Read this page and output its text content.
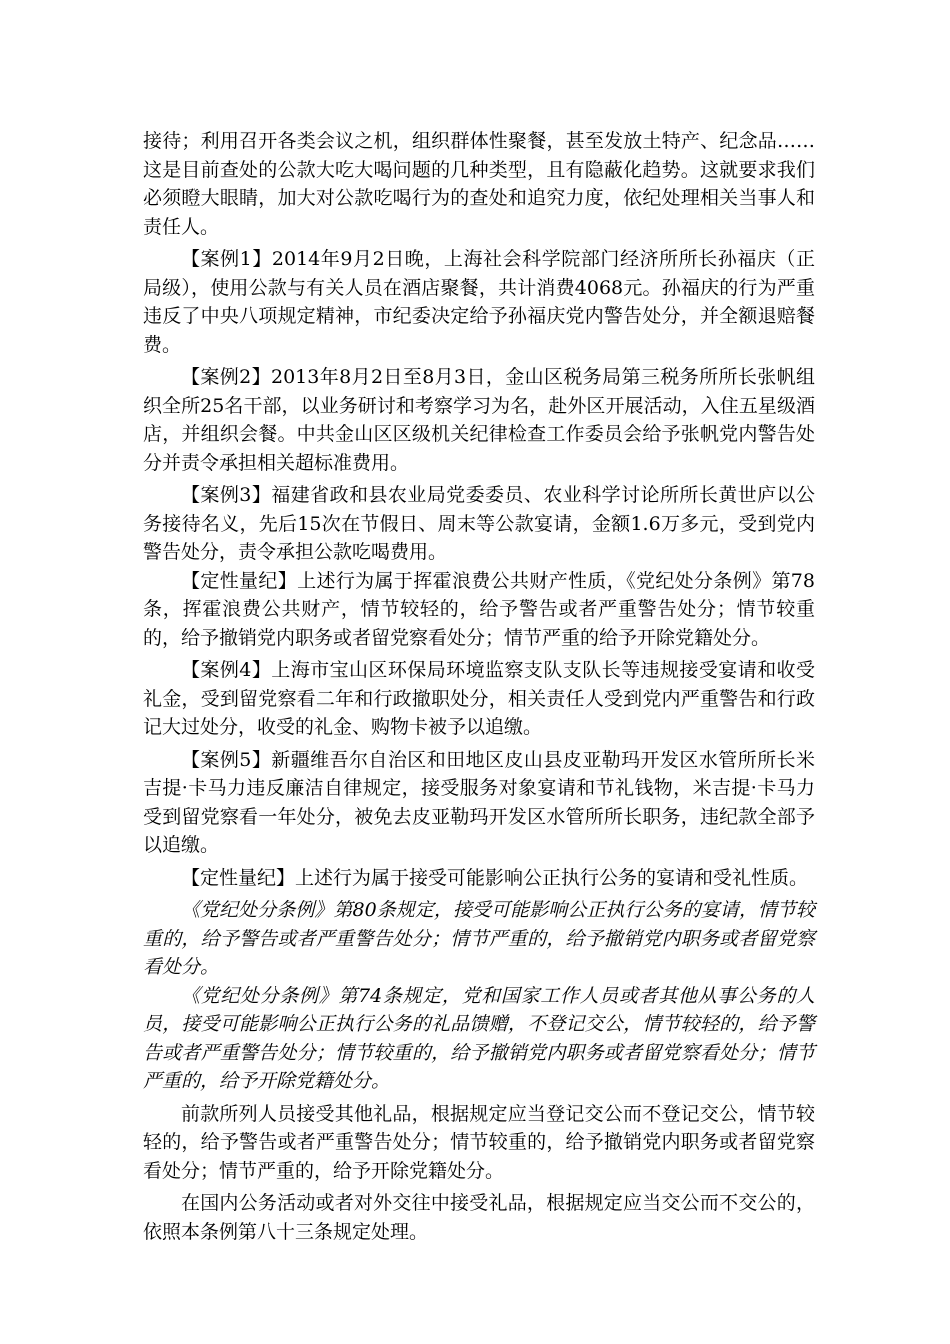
接待；利用召开各类会议之机，组织群体性聚餐，甚至发放土特产、纪念品……这是目前查处的公款大吃大喝问题的几种类型，且有隐蔽化趋势。这就要求我们必须瞪大眼睛，加大对公款吃喝行为的查处和追究力度，依纪处理相关当事人和责任人。

【案例1】2014年9月2日晚，上海社会科学院部门经济所所长孙福庆（正局级），使用公款与有关人员在酒店聚餐，共计消费4068元。孙福庆的行为严重违反了中央八项规定精神，市纪委决定给予孙福庆党内警告处分，并全额退赔餐费。

【案例2】2013年8月2日至8月3日，金山区税务局第三税务所所长张帆组织全所25名干部，以业务研讨和考察学习为名，赴外区开展活动，入住五星级酒店，并组织会餐。中共金山区区级机关纪律检查工作委员会给予张帆党内警告处分并责令承担相关超标准费用。

【案例3】福建省政和县农业局党委委员、农业科学讨论所所长黄世庐以公务接待名义，先后15次在节假日、周末等公款宴请，金额1.6万多元，受到党内警告处分，责令承担公款吃喝费用。

【定性量纪】上述行为属于挥霍浪费公共财产性质，《党纪处分条例》第78条，挥霍浪费公共财产，情节较轻的，给予警告或者严重警告处分；情节较重的，给予撤销党内职务或者留党察看处分；情节严重的给予开除党籍处分。

【案例4】上海市宝山区环保局环境监察支队支队长等违规接受宴请和收受礼金，受到留党察看二年和行政撤职处分，相关责任人受到党内严重警告和行政记大过处分，收受的礼金、购物卡被予以追缴。

【案例5】新疆维吾尔自治区和田地区皮山县皮亚勒玛开发区水管所所长米吉提·卡马力违反廉洁自律规定，接受服务对象宴请和节礼钱物，米吉提·卡马力受到留党察看一年处分，被免去皮亚勒玛开发区水管所所长职务，违纪款全部予以追缴。

【定性量纪】上述行为属于接受可能影响公正执行公务的宴请和受礼性质。

《党纪处分条例》第80条规定，接受可能影响公正执行公务的宴请，情节较重的，给予警告或者严重警告处分；情节严重的，给予撤销党内职务或者留党察看处分。

《党纪处分条例》第74条规定，党和国家工作人员或者其他从事公务的人员，接受可能影响公正执行公务的礼品馈赠，不登记交公，情节较轻的，给予警告或者严重警告处分；情节较重的，给予撤销党内职务或者留党察看处分；情节严重的，给予开除党籍处分。

前款所列人员接受其他礼品，根据规定应当登记交公而不登记交公，情节较轻的，给予警告或者严重警告处分；情节较重的，给予撤销党内职务或者留党察看处分；情节严重的，给予开除党籍处分。

在国内公务活动或者对外交往中接受礼品，根据规定应当交公而不交公的，依照本条例第八十三条规定处理。
